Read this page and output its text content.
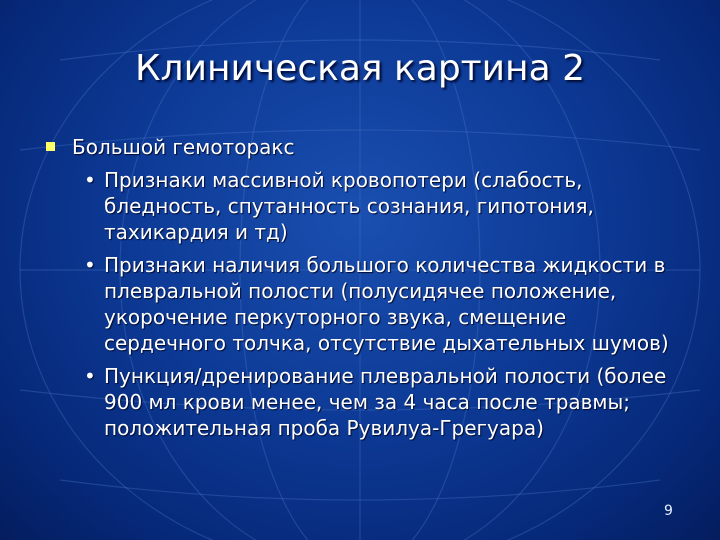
Клиническая картина 2
Большой гемоторакс
• Признаки массивной кровопотери (слабость, бледность, спутанность сознания, гипотония, тахикардия и тд)
• Признаки наличия большого количества жидкости в плевральной полости (полусидячее положение, укорочение перкуторного звука, смещение сердечного толчка, отсутствие дыхательных шумов)
• Пункция/дренирование плевральной полости (более 900 мл крови менее, чем за 4 часа после травмы; положительная проба Рувилуа-Грегуара)
9
